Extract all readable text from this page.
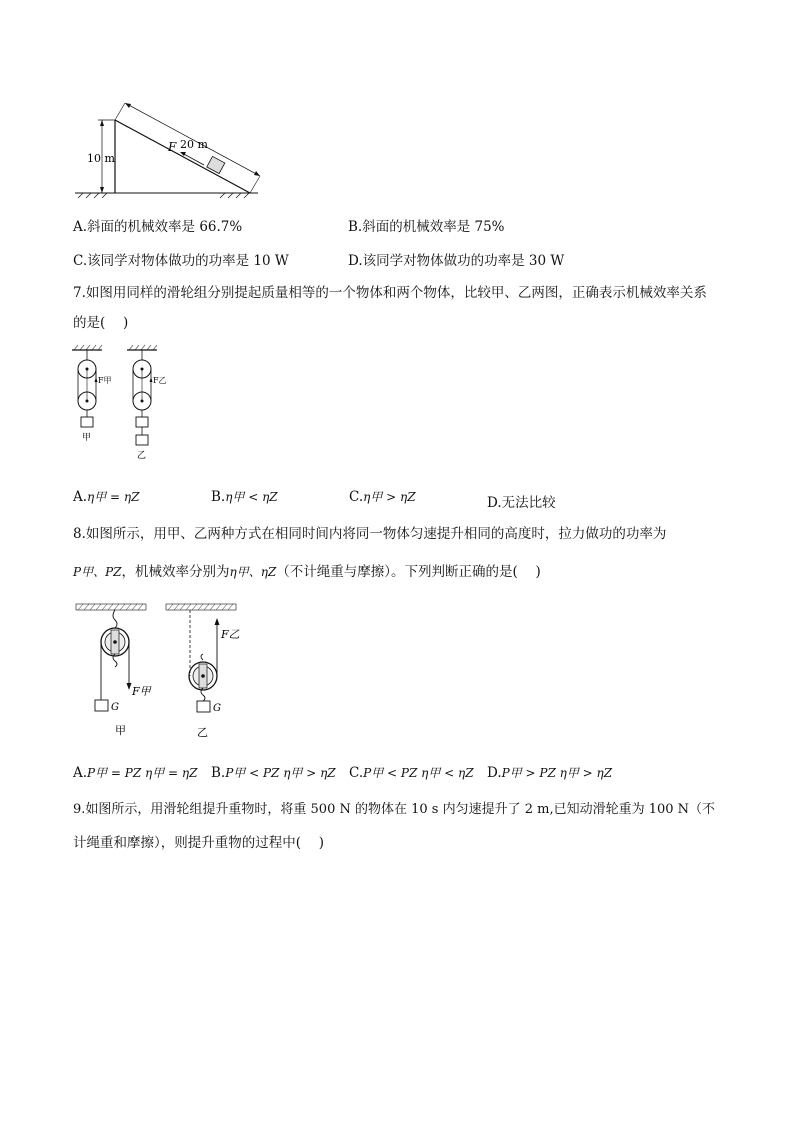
10 m
20 m
F
A.斜面的机械效率是 66.7%	B.斜面的机械效率是 75%
C.该同学对物体做功的功率是 10 W	D.该同学对物体做功的功率是 30 W
7.如图用同样的滑轮组分别提起质量相等的一个物体和两个物体，比较甲、乙两图，正确表示机械效率关系
的是(　 )
F甲
甲
F乙
乙
A.η甲 = ηZ	B.η甲 < ηZ	C.η甲 > ηZ	D.无法比较
8.如图所示，用甲、乙两种方式在相同时间内将同一物体匀速提升相同的高度时，拉力做功的功率为
P甲、PZ，机械效率分别为η甲、ηZ（不计绳重与摩擦）。下列判断正确的是(　 )
F甲
G
甲
F乙
G
乙
A.P甲 = PZ η甲 = ηZ B.P甲 < PZ η甲 > ηZ C.P甲 < PZ η甲 < ηZ D.P甲 > PZ η甲 > ηZ
9.如图所示，用滑轮组提升重物时，将重 500 N 的物体在 10 s 内匀速提升了 2 m,已知动滑轮重为 100 N（不
计绳重和摩擦），则提升重物的过程中(　 )
